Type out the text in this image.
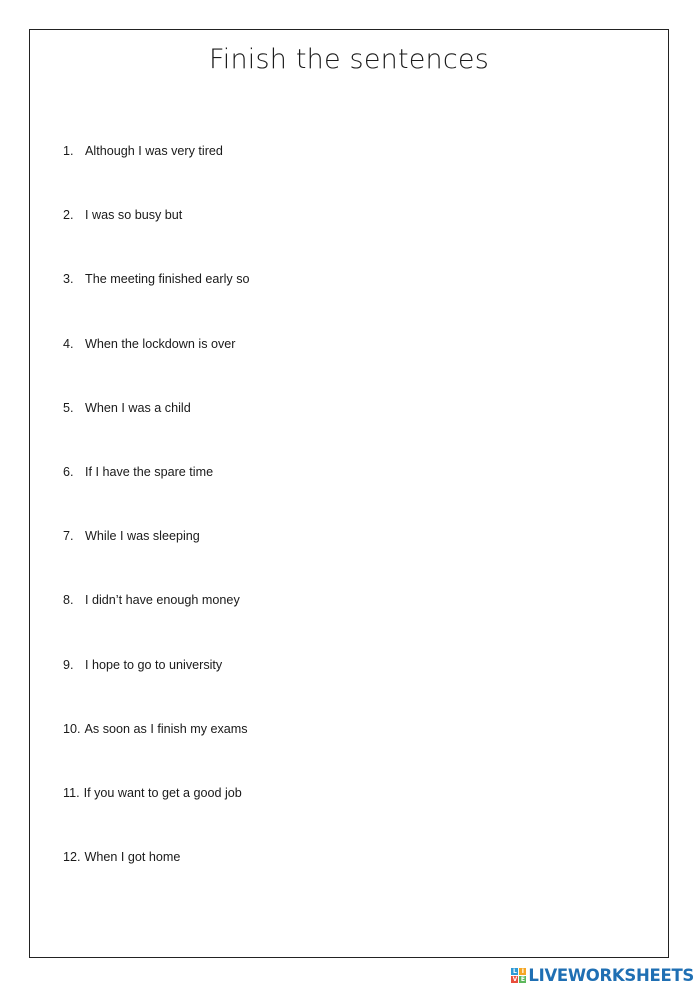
Finish the sentences
1. Although I was very tired
2. I was so busy but
3. The meeting finished early so
4. When the lockdown is over
5. When I was a child
6. If I have the spare time
7. While I was sleeping
8. I didn’t have enough money
9. I hope to go to university
10. As soon as I finish my exams
11. If you want to get a good job
12. When I got home
L I
V E LIVEWORKSHEETS
